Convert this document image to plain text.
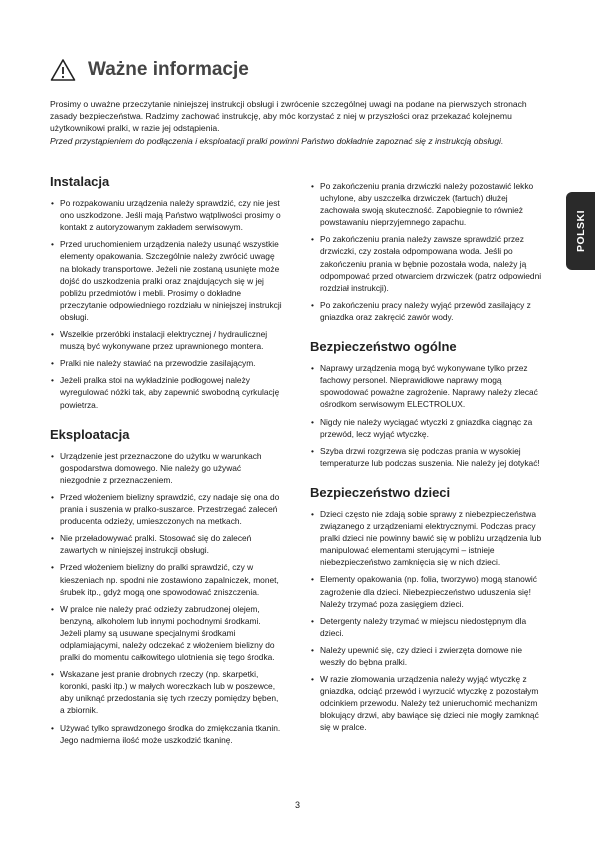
Ważne informacje

Prosimy o uważne przeczytanie niniejszej instrukcji obsługi i zwrócenie szczególnej uwagi na podane na pierwszych stronach zasady bezpieczeństwa. Radzimy zachować instrukcję, aby móc korzystać z niej w przyszłości oraz przekazać kolejnemu użytkownikowi pralki, w razie jej odstąpienia.

Przed przystąpieniem do podłączenia i eksploatacji pralki powinni Państwo dokładnie zapoznać się z instrukcją obsługi.

Instalacja
• Po rozpakowaniu urządzenia należy sprawdzić, czy nie jest ono uszkodzone. Jeśli mają Państwo wątpliwości prosimy o kontakt z autoryzowanym zakładem serwisowym.
• Przed uruchomieniem urządzenia należy usunąć wszystkie elementy opakowania. Szczególnie należy zwrócić uwagę na blokady transportowe. Jeżeli nie zostaną usunięte może dojść do uszkodzenia pralki oraz znajdujących się w jej pobliżu przedmiotów i mebli. Prosimy o dokładne przeczytanie odpowiedniego rozdziału w niniejszej instrukcji obsługi.
• Wszelkie przeróbki instalacji elektrycznej / hydraulicznej muszą być wykonywane przez uprawnionego montera.
• Pralki nie należy stawiać na przewodzie zasilającym.
• Jeżeli pralka stoi na wykładzinie podłogowej należy wyregulować nóżki tak, aby zapewnić swobodną cyrkulację powietrza.
Eksploatacja
• Urządzenie jest przeznaczone do użytku w warunkach gospodarstwa domowego. Nie należy go używać niezgodnie z przeznaczeniem.
• Przed włożeniem bielizny sprawdzić, czy nadaje się ona do prania i suszenia w pralko-suszarce. Przestrzegać zaleceń producenta odzieży, umieszczonych na metkach.
• Nie przeładowywać pralki. Stosować się do zaleceń zawartych w niniejszej instrukcji obsługi.
• Przed włożeniem bielizny do pralki sprawdzić, czy w kieszeniach np. spodni nie zostawiono zapalniczek, monet, śrubek itp., gdyż mogą one spowodować zniszczenia.
• W pralce nie należy prać odzieży zabrudzonej olejem, benzyną, alkoholem lub innymi pochodnymi środkami. Jeżeli plamy są usuwane specjalnymi środkami odplamiającymi, należy odczekać z włożeniem bielizny do pralki do momentu całkowitego ulotnienia się tego środka.
• Wskazane jest pranie drobnych rzeczy (np. skarpetki, koronki, paski itp.) w małych woreczkach lub w poszewce, aby uniknąć przedostania się tych rzeczy pomiędzy bęben, a zbiornik.
• Używać tylko sprawdzonego środka do zmiękczania tkanin. Jego nadmierna ilość może uszkodzić tkaninę.
• Po zakończeniu prania drzwiczki należy pozostawić lekko uchylone, aby uszczelka drzwiczek (fartuch) dłużej zachowała swoją skuteczność. Zapobiegnie to również powstawaniu nieprzyjemnego zapachu.
• Po zakończeniu prania należy zawsze sprawdzić przez drzwiczki, czy została odpompowana woda. Jeśli po zakończeniu prania w bębnie pozostała woda, należy ją odpompować przed otwarciem drzwiczek (patrz odpowiedni rozdział instrukcji).
• Po zakończeniu pracy należy wyjąć przewód zasilający z gniazdka oraz zakręcić zawór wody.
Bezpieczeństwo ogólne
• Naprawy urządzenia mogą być wykonywane tylko przez fachowy personel. Nieprawidłowe naprawy mogą spowodować poważne zagrożenie. Naprawy należy zlecać ośrodkom serwisowym ELECTROLUX.
• Nigdy nie należy wyciągać wtyczki z gniazdka ciągnąc za przewód, lecz wyjąć wtyczkę.
• Szyba drzwi rozgrzewa się podczas prania w wysokiej temperaturze lub podczas suszenia. Nie należy jej dotykać!
Bezpieczeństwo dzieci
• Dzieci często nie zdają sobie sprawy z niebezpieczeństwa związanego z urządzeniami elektrycznymi. Podczas pracy pralki dzieci nie powinny bawić się w pobliżu urządzenia lub manipulować elementami sterującymi – istnieje niebezpieczeństwo zamknięcia się w nich dzieci.
• Elementy opakowania (np. folia, tworzywo) mogą stanowić zagrożenie dla dzieci. Niebezpieczeństwo uduszenia się! Należy trzymać poza zasięgiem dzieci.
• Detergenty należy trzymać w miejscu niedostępnym dla dzieci.
• Należy upewnić się, czy dzieci i zwierzęta domowe nie weszły do bębna pralki.
• W razie złomowania urządzenia należy wyjąć wtyczkę z gniazdka, odciąć przewód i wyrzucić wtyczkę z pozostałym odcinkiem przewodu. Należy też unieruchomić mechanizm blokujący drzwi, aby bawiące się dzieci nie mogły zamknąć się w pralce.
POLSKI
3
